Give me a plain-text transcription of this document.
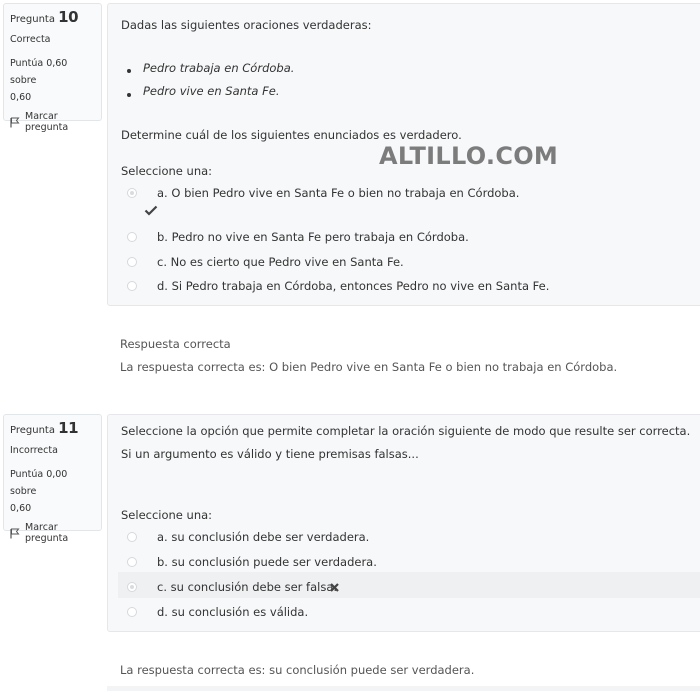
Pregunta 10
Correcta
Puntúa 0,60 sobre
0,60
Marcar pregunta
Dadas las siguientes oraciones verdaderas:
Pedro trabaja en Córdoba.
Pedro vive en Santa Fe.
Determine cuál de los siguientes enunciados es verdadero.
Seleccione una:
a. O bien Pedro vive en Santa Fe o bien no trabaja en Córdoba.
b. Pedro no vive en Santa Fe pero trabaja en Córdoba.
c. No es cierto que Pedro vive en Santa Fe.
d. Si Pedro trabaja en Córdoba, entonces Pedro no vive en Santa Fe.
Respuesta correcta
La respuesta correcta es: O bien Pedro vive en Santa Fe o bien no trabaja en Córdoba.
Pregunta 11
Incorrecta
Puntúa 0,00 sobre
0,60
Marcar pregunta
Seleccione la opción que permite completar la oración siguiente de modo que resulte ser correcta.
Si un argumento es válido y tiene premisas falsas...
Seleccione una:
a. su conclusión debe ser verdadera.
b. su conclusión puede ser verdadera.
c. su conclusión debe ser falsa.
d. su conclusión es válida.
La respuesta correcta es: su conclusión puede ser verdadera.
ALTILLO.COM
